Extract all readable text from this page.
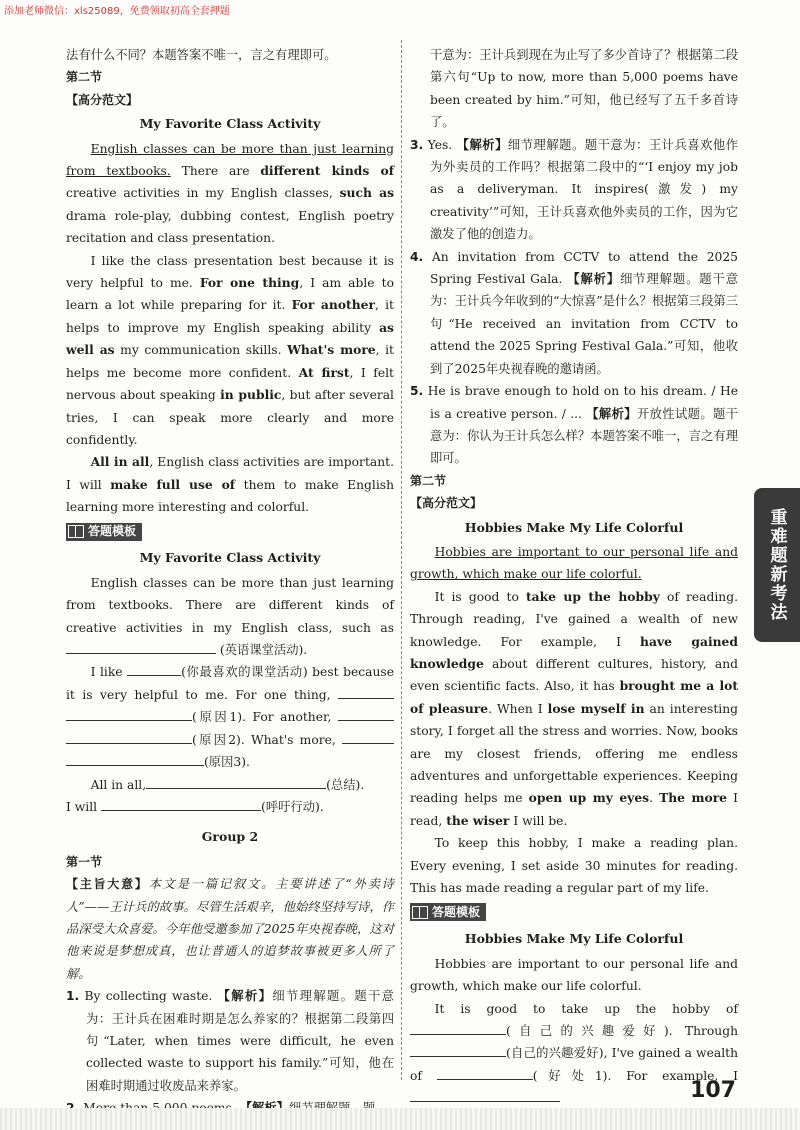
添加老师微信：xls25089，免费领取初高全套押题

法有什么不同？本题答案不唯一，言之有理即可。

第二节

【高分范文】

My Favorite Class Activity

English classes can be more than just learning from textbooks. There are different kinds of creative activities in my English classes, such as drama role-play, dubbing contest, English poetry recitation and class presentation.

I like the class presentation best because it is very helpful to me. For one thing, I am able to learn a lot while preparing for it. For another, it helps to improve my English speaking ability as well as my communication skills. What's more, it helps me become more confident. At first, I felt nervous about speaking in public, but after several tries, I can speak more clearly and more confidently.

All in all, English class activities are important. I will make full use of them to make English learning more interesting and colorful.

答题模板

My Favorite Class Activity

English classes can be more than just learning from textbooks. There are different kinds of creative activities in my English class, such as  (英语课堂活动).

I like	(你最喜欢的课堂活动) best because it is very helpful to me. For one thing,  (原因1). For another,  (原因2). What's more,  (原因3).

All in all,	(总结).

I will	(呼吁行动).

Group 2

第一节

【主旨大意】本文是一篇记叙文。主要讲述了“外卖诗人”——王计兵的故事。尽管生活艰辛，他始终坚持写诗，作品深受大众喜爱。今年他受邀参加了2025年央视春晚，这对他来说是梦想成真，也让普通人的追梦故事被更多人所了解。

1. By collecting waste. 【解析】细节理解题。题干意为：王计兵在困难时期是怎么养家的？根据第二段第四句“Later, when times were difficult, he even collected waste to support his family.”可知，他在困难时期通过收废品来养家。

干意为：王计兵到现在为止写了多少首诗了？根据第二段第六句“Up to now, more than 5,000 poems have been created by him.”可知，他已经写了五千多首诗了。

3. Yes. 【解析】细节理解题。题干意为：王计兵喜欢他作为外卖员的工作吗？根据第二段中的“‘I enjoy my job as a deliveryman. It inspires(激发) my creativity’”可知，王计兵喜欢他外卖员的工作，因为它激发了他的创造力。

4. An invitation from CCTV to attend the 2025 Spring Festival Gala. 【解析】细节理解题。题干意为：王计兵今年收到的“大惊喜”是什么？根据第三段第三句“He received an invitation from CCTV to attend the 2025 Spring Festival Gala.”可知，他收到了2025年央视春晚的邀请函。

5. He is brave enough to hold on to his dream. / He is a creative person. / ... 【解析】开放性试题。题干意为：你认为王计兵怎么样？本题答案不唯一，言之有理即可。

第二节

【高分范文】

Hobbies Make My Life Colorful

Hobbies are important to our personal life and growth, which make our life colorful.

It is good to take up the hobby of reading. Through reading, I've gained a wealth of new knowledge. For example, I have gained knowledge about different cultures, history, and even scientific facts. Also, it has brought me a lot of pleasure. When I lose myself in an interesting story, I forget all the stress and worries. Now, books are my closest friends, offering me endless adventures and unforgettable experiences. Keeping reading helps me open up my eyes. The more I read, the wiser I will be.

To keep this hobby, I make a reading plan. Every evening, I set aside 30 minutes for reading. This has made reading a regular part of my life.

答题模板

Hobbies Make My Life Colorful

Hobbies are important to our personal life and growth, which make our life colorful.

It is good to take up the hobby of (自己的兴趣爱好). Through (自己的兴趣爱好), I've gained a wealth of	(好处1). For example, I

重难题新考法
107
